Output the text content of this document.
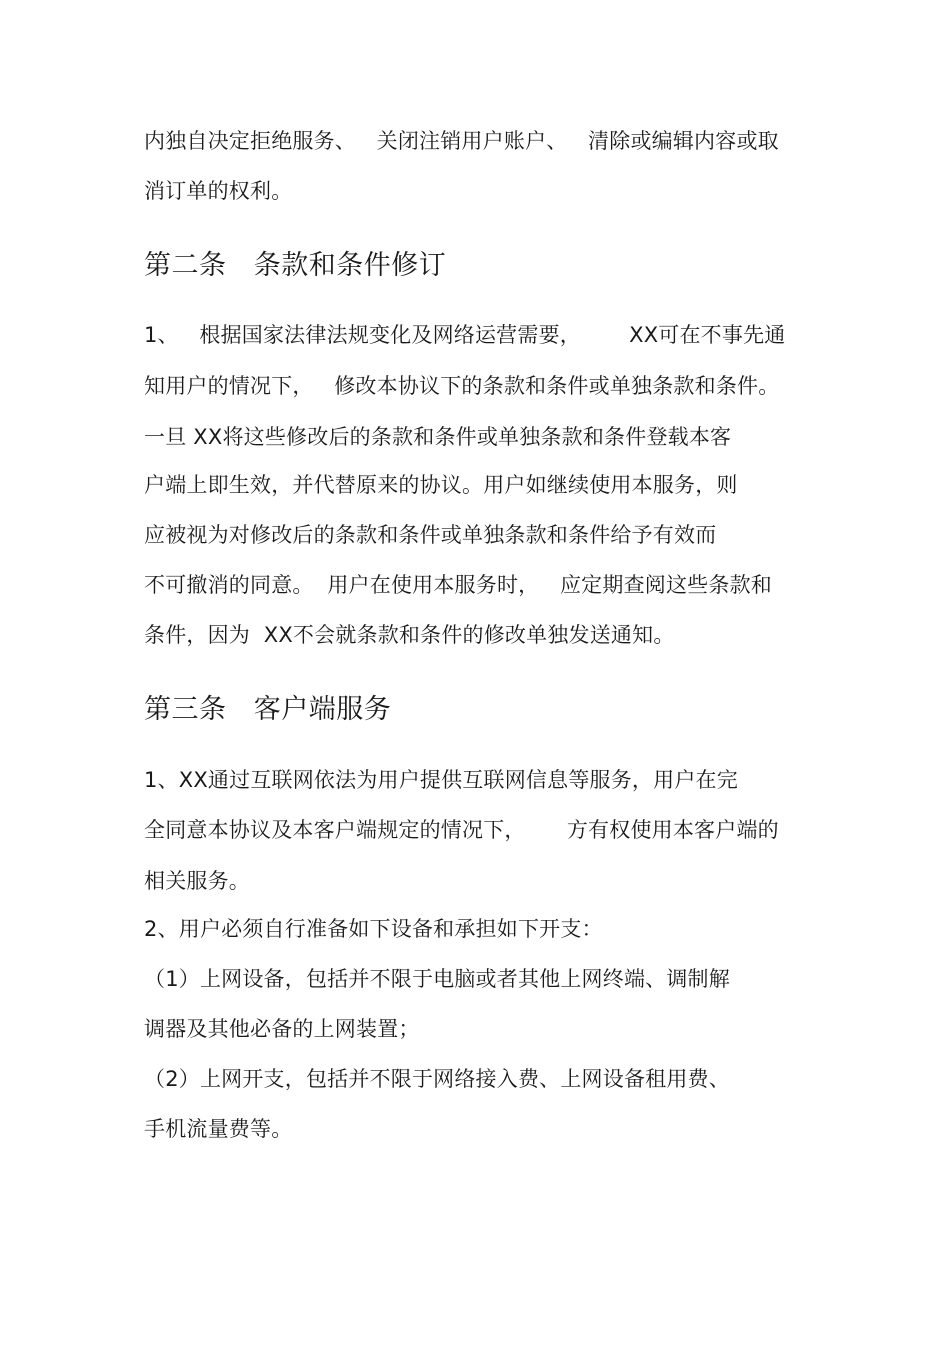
内独自决定拒绝服务、   关闭注销用户账户、   清除或编辑内容或取
消订单的权利。
第二条   条款和条件修订
1、   根据国家法律法规变化及网络运营需要，       XX可在不事先通
知用户的情况下，   修改本协议下的条款和条件或单独条款和条件。
一旦 XX将这些修改后的条款和条件或单独条款和条件登载本客
户端上即生效，并代替原来的协议。用户如继续使用本服务，则
应被视为对修改后的条款和条件或单独条款和条件给予有效而
不可撤消的同意。  用户在使用本服务时，   应定期查阅这些条款和
条件，因为  XX不会就条款和条件的修改单独发送通知。
第三条   客户端服务
1、XX通过互联网依法为用户提供互联网信息等服务，用户在完
全同意本协议及本客户端规定的情况下，      方有权使用本客户端的
相关服务。
2、用户必须自行准备如下设备和承担如下开支：
（1）上网设备，包括并不限于电脑或者其他上网终端、调制解
调器及其他必备的上网装置；
（2）上网开支，包括并不限于网络接入费、上网设备租用费、
手机流量费等。
